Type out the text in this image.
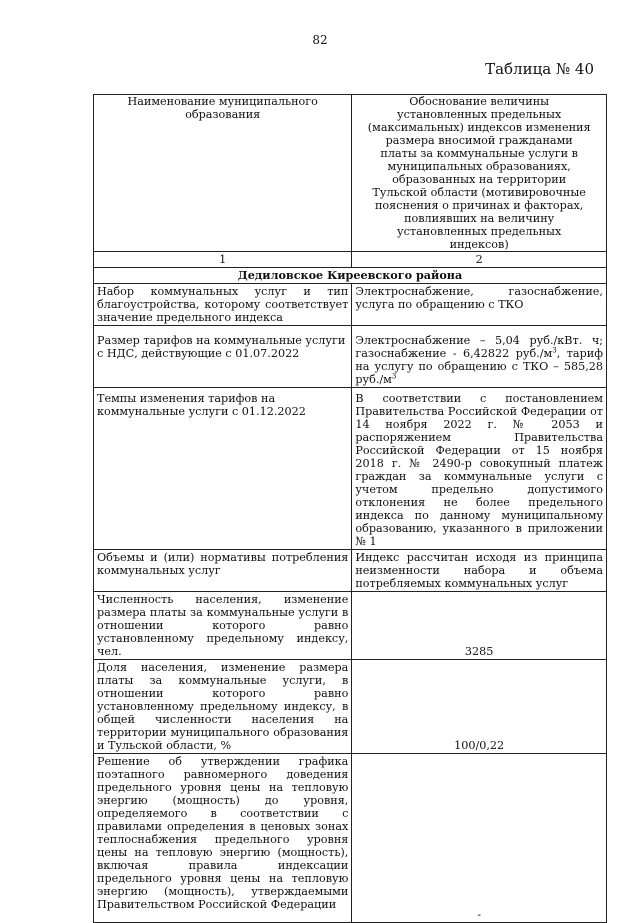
82
Таблица № 40
Наименование муниципального образования	Обоснование величины установленных предельных (максимальных) индексов изменения размера вносимой гражданами платы за коммунальные услуги в муниципальных образованиях, образованных на территории Тульской области (мотивировочные пояснения о причинах и факторах, повлиявших на величину установленных предельных индексов)
1	2
Дедиловское Киреевского района	
Набор коммунальных услуг и тип благоустройства, которому соответствует значение предельного индекса	Электроснабжение, газоснабжение, услуга по обращению с ТКО
Размер тарифов на коммунальные услуги с НДС, действующие с 01.07.2022	Электроснабжение – 5,04 руб./кВт. ч; газоснабжение - 6,42822 $руб./м^3$, тариф на услугу по обращению с ТКО – 585,28 $руб./м^3$
Темпы изменения тарифов на коммунальные услуги с 01.12.2022	В соответствии с постановлением Правительства Российской Федерации от 14 ноября 2022 г. № 2053 и распоряжением Правительства Российской Федерации от 15 ноября 2018 г. № 2490-р совокупный платеж граждан за коммунальные услуги с учетом предельно допустимого отклонения не более предельного индекса по данному муниципальному образованию, указанного в приложении № 1
Объемы и (или) нормативы потребления коммунальных услуг	Индекс рассчитан исходя из принципа неизменности набора и объема потребляемых коммунальных услуг
Численность населения, изменение размера платы за коммунальные услуги в отношении которого равно установленному предельному индексу, чел.	3285
Доля населения, изменение размера платы за коммунальные услуги, в отношении которого равно установленному предельному индексу, в общей численности населения на территории муниципального образования и Тульской области, %	100/0,22
Решение об утверждении графика поэтапного равномерного доведения предельного уровня цены на тепловую энергию (мощность) до уровня, определяемого в соответствии с правилами определения в ценовых зонах теплоснабжения предельного уровня цены на тепловую энергию (мощность), включая правила индексации предельного уровня цены на тепловую энергию (мощность), утверждаемыми Правительством Российской Федерации	-
